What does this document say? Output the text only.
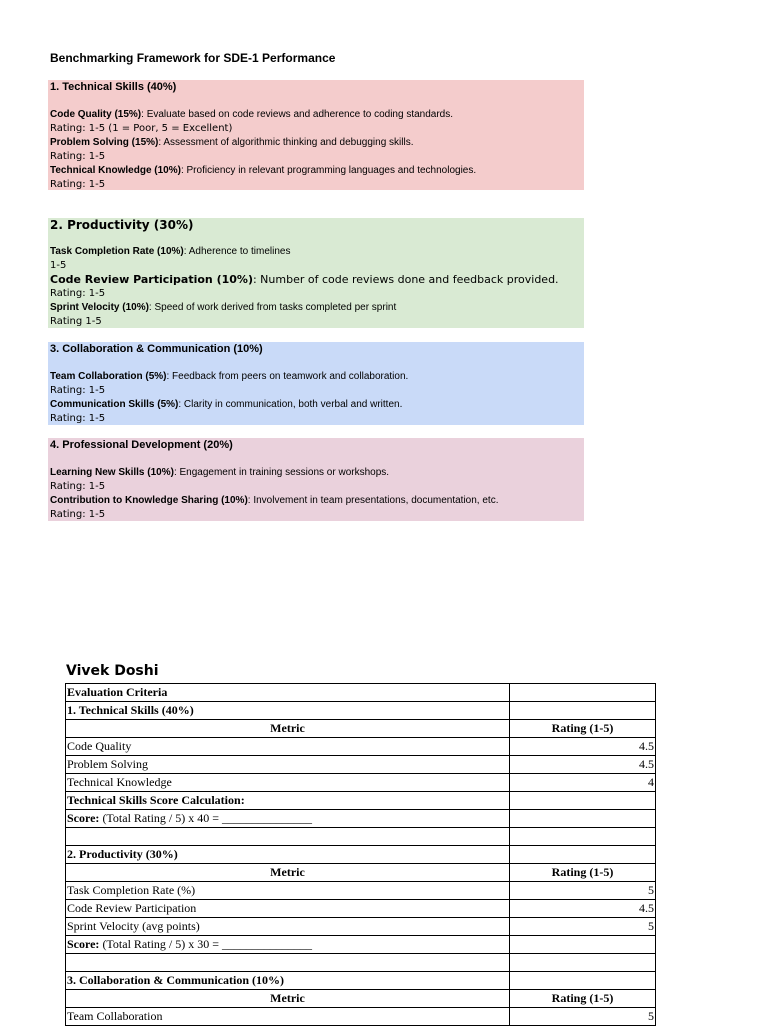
Benchmarking Framework for SDE-1 Performance
1. Technical Skills (40%)
Code Quality (15%): Evaluate based on code reviews and adherence to coding standards.
Rating: 1-5 (1 = Poor, 5 = Excellent)
Problem Solving (15%): Assessment of algorithmic thinking and debugging skills.
Rating: 1-5
Technical Knowledge (10%): Proficiency in relevant programming languages and technologies.
Rating: 1-5
2. Productivity (30%)
Task Completion Rate (10%): Adherence to timelines
1-5
Code Review Participation (10%): Number of code reviews done and feedback provided.
Rating: 1-5
Sprint Velocity (10%): Speed of work derived from tasks completed per sprint
Rating 1-5
3. Collaboration & Communication (10%)
Team Collaboration (5%): Feedback from peers on teamwork and collaboration.
Rating: 1-5
Communication Skills (5%): Clarity in communication, both verbal and written.
Rating: 1-5
4. Professional Development (20%)
Learning New Skills (10%): Engagement in training sessions or workshops.
Rating: 1-5
Contribution to Knowledge Sharing (10%): Involvement in team presentations, documentation, etc.
Rating: 1-5
Vivek Doshi
Evaluation Criteria	
1. Technical Skills (40%)	
Metric	Rating (1-5)
Code Quality	4.5
Problem Solving	4.5
Technical Knowledge	4
Technical Skills Score Calculation:	
Score: (Total Rating / 5) x 40 = _______________	

2. Productivity (30%)	
Metric	Rating (1-5)
Task Completion Rate (%)	5
Code Review Participation	4.5
Sprint Velocity (avg points)	5
Score: (Total Rating / 5) x 30 = _______________	

3. Collaboration & Communication (10%)	
Metric	Rating (1-5)
Team Collaboration	5
